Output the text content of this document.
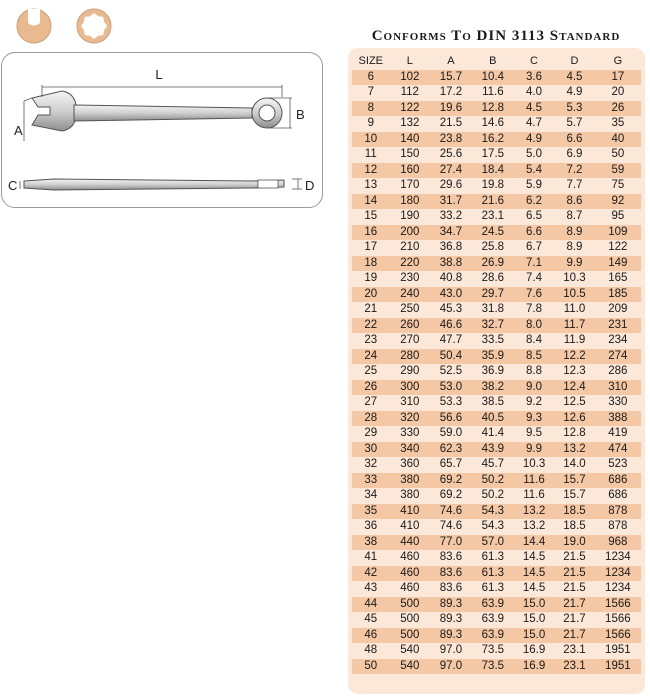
L
A
B
C	D
Conforms To DIN 3113 Standard
SIZE	L	A	B	C	D	G
6	102	15.7	10.4	3.6	4.5	17
7	112	17.2	11.6	4.0	4.9	20
8	122	19.6	12.8	4.5	5.3	26
9	132	21.5	14.6	4.7	5.7	35
10	140	23.8	16.2	4.9	6.6	40
11	150	25.6	17.5	5.0	6.9	50
12	160	27.4	18.4	5.4	7.2	59
13	170	29.6	19.8	5.9	7.7	75
14	180	31.7	21.6	6.2	8.6	92
15	190	33.2	23.1	6.5	8.7	95
16	200	34.7	24.5	6.6	8.9	109
17	210	36.8	25.8	6.7	8.9	122
18	220	38.8	26.9	7.1	9.9	149
19	230	40.8	28.6	7.4	10.3	165
20	240	43.0	29.7	7.6	10.5	185
21	250	45.3	31.8	7.8	11.0	209
22	260	46.6	32.7	8.0	11.7	231
23	270	47.7	33.5	8.4	11.9	234
24	280	50.4	35.9	8.5	12.2	274
25	290	52.5	36.9	8.8	12.3	286
26	300	53.0	38.2	9.0	12.4	310
27	310	53.3	38.5	9.2	12.5	330
28	320	56.6	40.5	9.3	12.6	388
29	330	59.0	41.4	9.5	12.8	419
30	340	62.3	43.9	9.9	13.2	474
32	360	65.7	45.7	10.3	14.0	523
33	380	69.2	50.2	11.6	15.7	686
34	380	69.2	50.2	11.6	15.7	686
35	410	74.6	54.3	13.2	18.5	878
36	410	74.6	54.3	13.2	18.5	878
38	440	77.0	57.0	14.4	19.0	968
41	460	83.6	61.3	14.5	21.5	1234
42	460	83.6	61.3	14.5	21.5	1234
43	460	83.6	61.3	14.5	21.5	1234
44	500	89.3	63.9	15.0	21.7	1566
45	500	89.3	63.9	15.0	21.7	1566
46	500	89.3	63.9	15.0	21.7	1566
48	540	97.0	73.5	16.9	23.1	1951
50	540	97.0	73.5	16.9	23.1	1951
